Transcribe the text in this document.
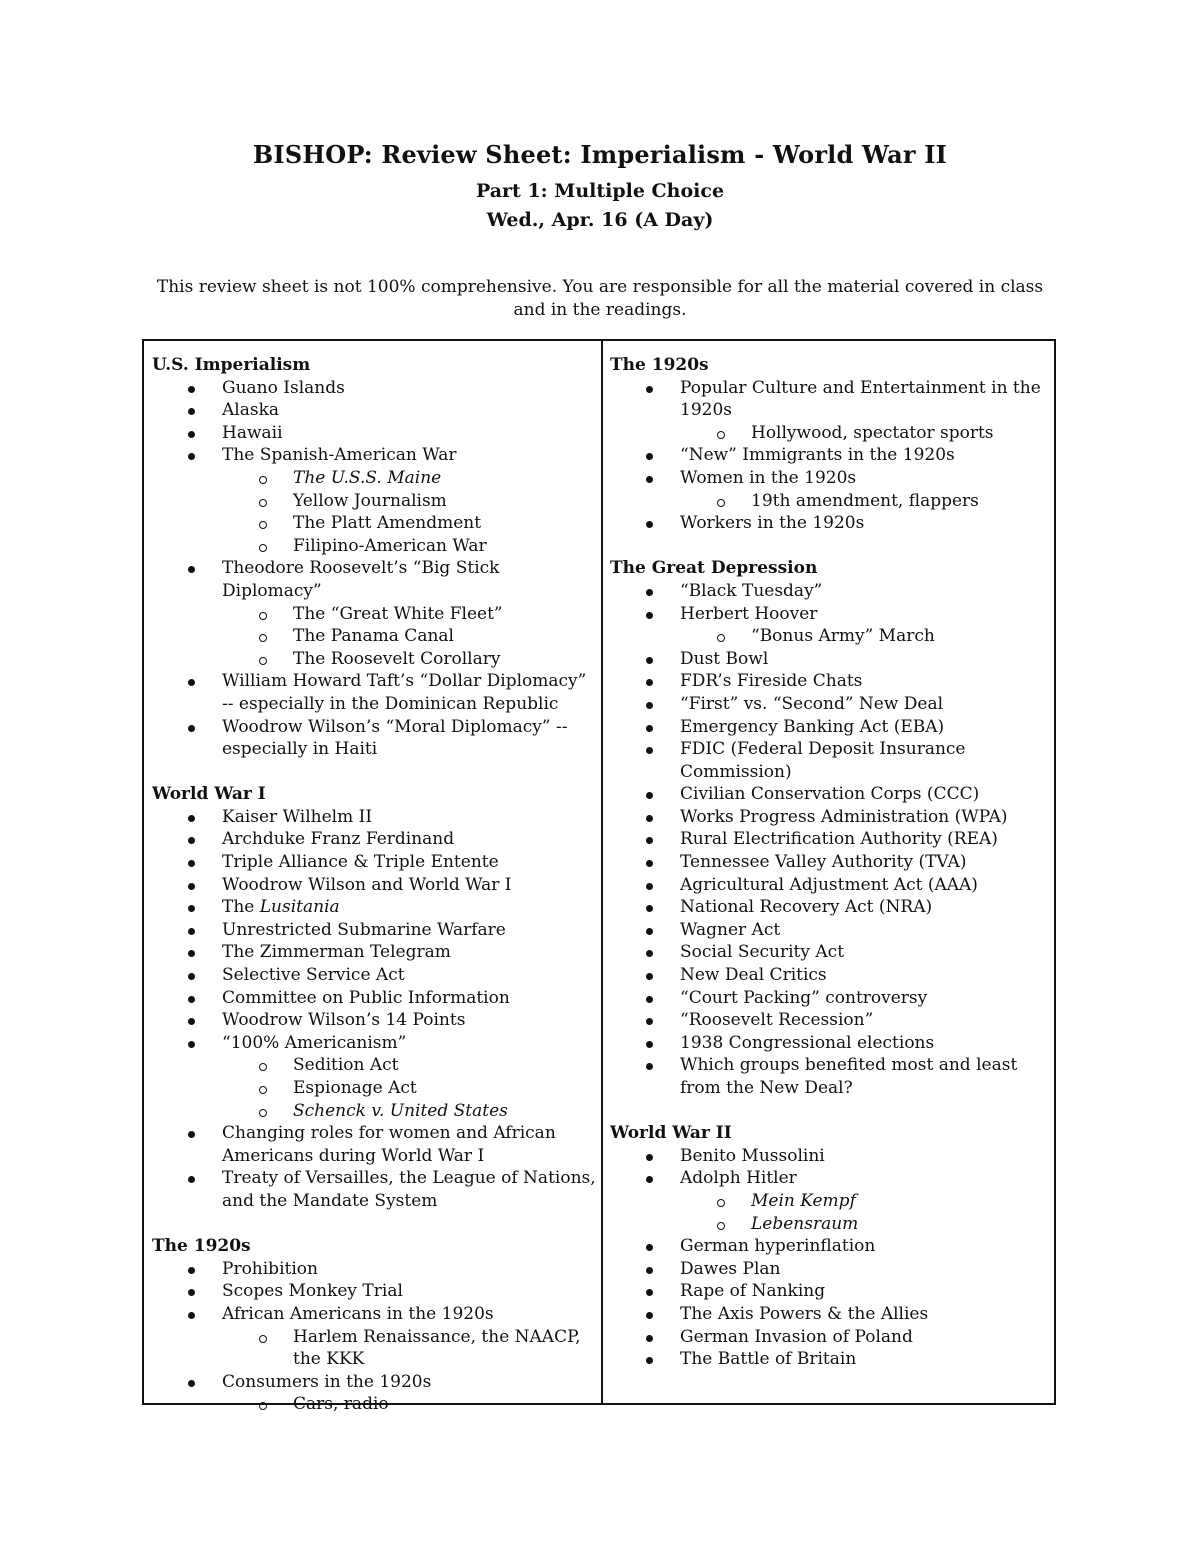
BISHOP: Review Sheet: Imperialism - World War II
Part 1: Multiple Choice
Wed., Apr. 16 (A Day)
This review sheet is not 100% comprehensive. You are responsible for all the material covered in class and in the readings.

U.S. Imperialism

Guano Islands
Alaska
Hawaii
The Spanish-American War
The U.S.S. Maine
Yellow Journalism
The Platt Amendment
Filipino-American War
Theodore Roosevelt’s “Big Stick Diplomacy”
The “Great White Fleet”
The Panama Canal
The Roosevelt Corollary
William Howard Taft’s “Dollar Diplomacy” -- especially in the Dominican Republic
Woodrow Wilson’s “Moral Diplomacy” -- especially in Haiti

World War I

Kaiser Wilhelm II
Archduke Franz Ferdinand
Triple Alliance & Triple Entente
Woodrow Wilson and World War I
The Lusitania
Unrestricted Submarine Warfare
The Zimmerman Telegram
Selective Service Act
Committee on Public Information
Woodrow Wilson’s 14 Points
“100% Americanism”
Sedition Act
Espionage Act
Schenck v. United States
Changing roles for women and African Americans during World War I
Treaty of Versailles, the League of Nations, and the Mandate System

The 1920s

Prohibition
Scopes Monkey Trial
African Americans in the 1920s
Harlem Renaissance, the NAACP, the KKK
Consumers in the 1920s
Cars, radio

The 1920s

Popular Culture and Entertainment in the 1920s
Hollywood, spectator sports
“New” Immigrants in the 1920s
Women in the 1920s
19th amendment, flappers
Workers in the 1920s

The Great Depression

“Black Tuesday”
Herbert Hoover
“Bonus Army” March
Dust Bowl
FDR’s Fireside Chats
“First” vs. “Second” New Deal
Emergency Banking Act (EBA)
FDIC (Federal Deposit Insurance Commission)
Civilian Conservation Corps (CCC)
Works Progress Administration (WPA)
Rural Electrification Authority (REA)
Tennessee Valley Authority (TVA)
Agricultural Adjustment Act (AAA)
National Recovery Act (NRA)
Wagner Act
Social Security Act
New Deal Critics
“Court Packing” controversy
“Roosevelt Recession”
1938 Congressional elections
Which groups benefited most and least from the New Deal?

World War II

Benito Mussolini
Adolph Hitler
Mein Kempf
Lebensraum
German hyperinflation
Dawes Plan
Rape of Nanking
The Axis Powers & the Allies
German Invasion of Poland
The Battle of Britain
